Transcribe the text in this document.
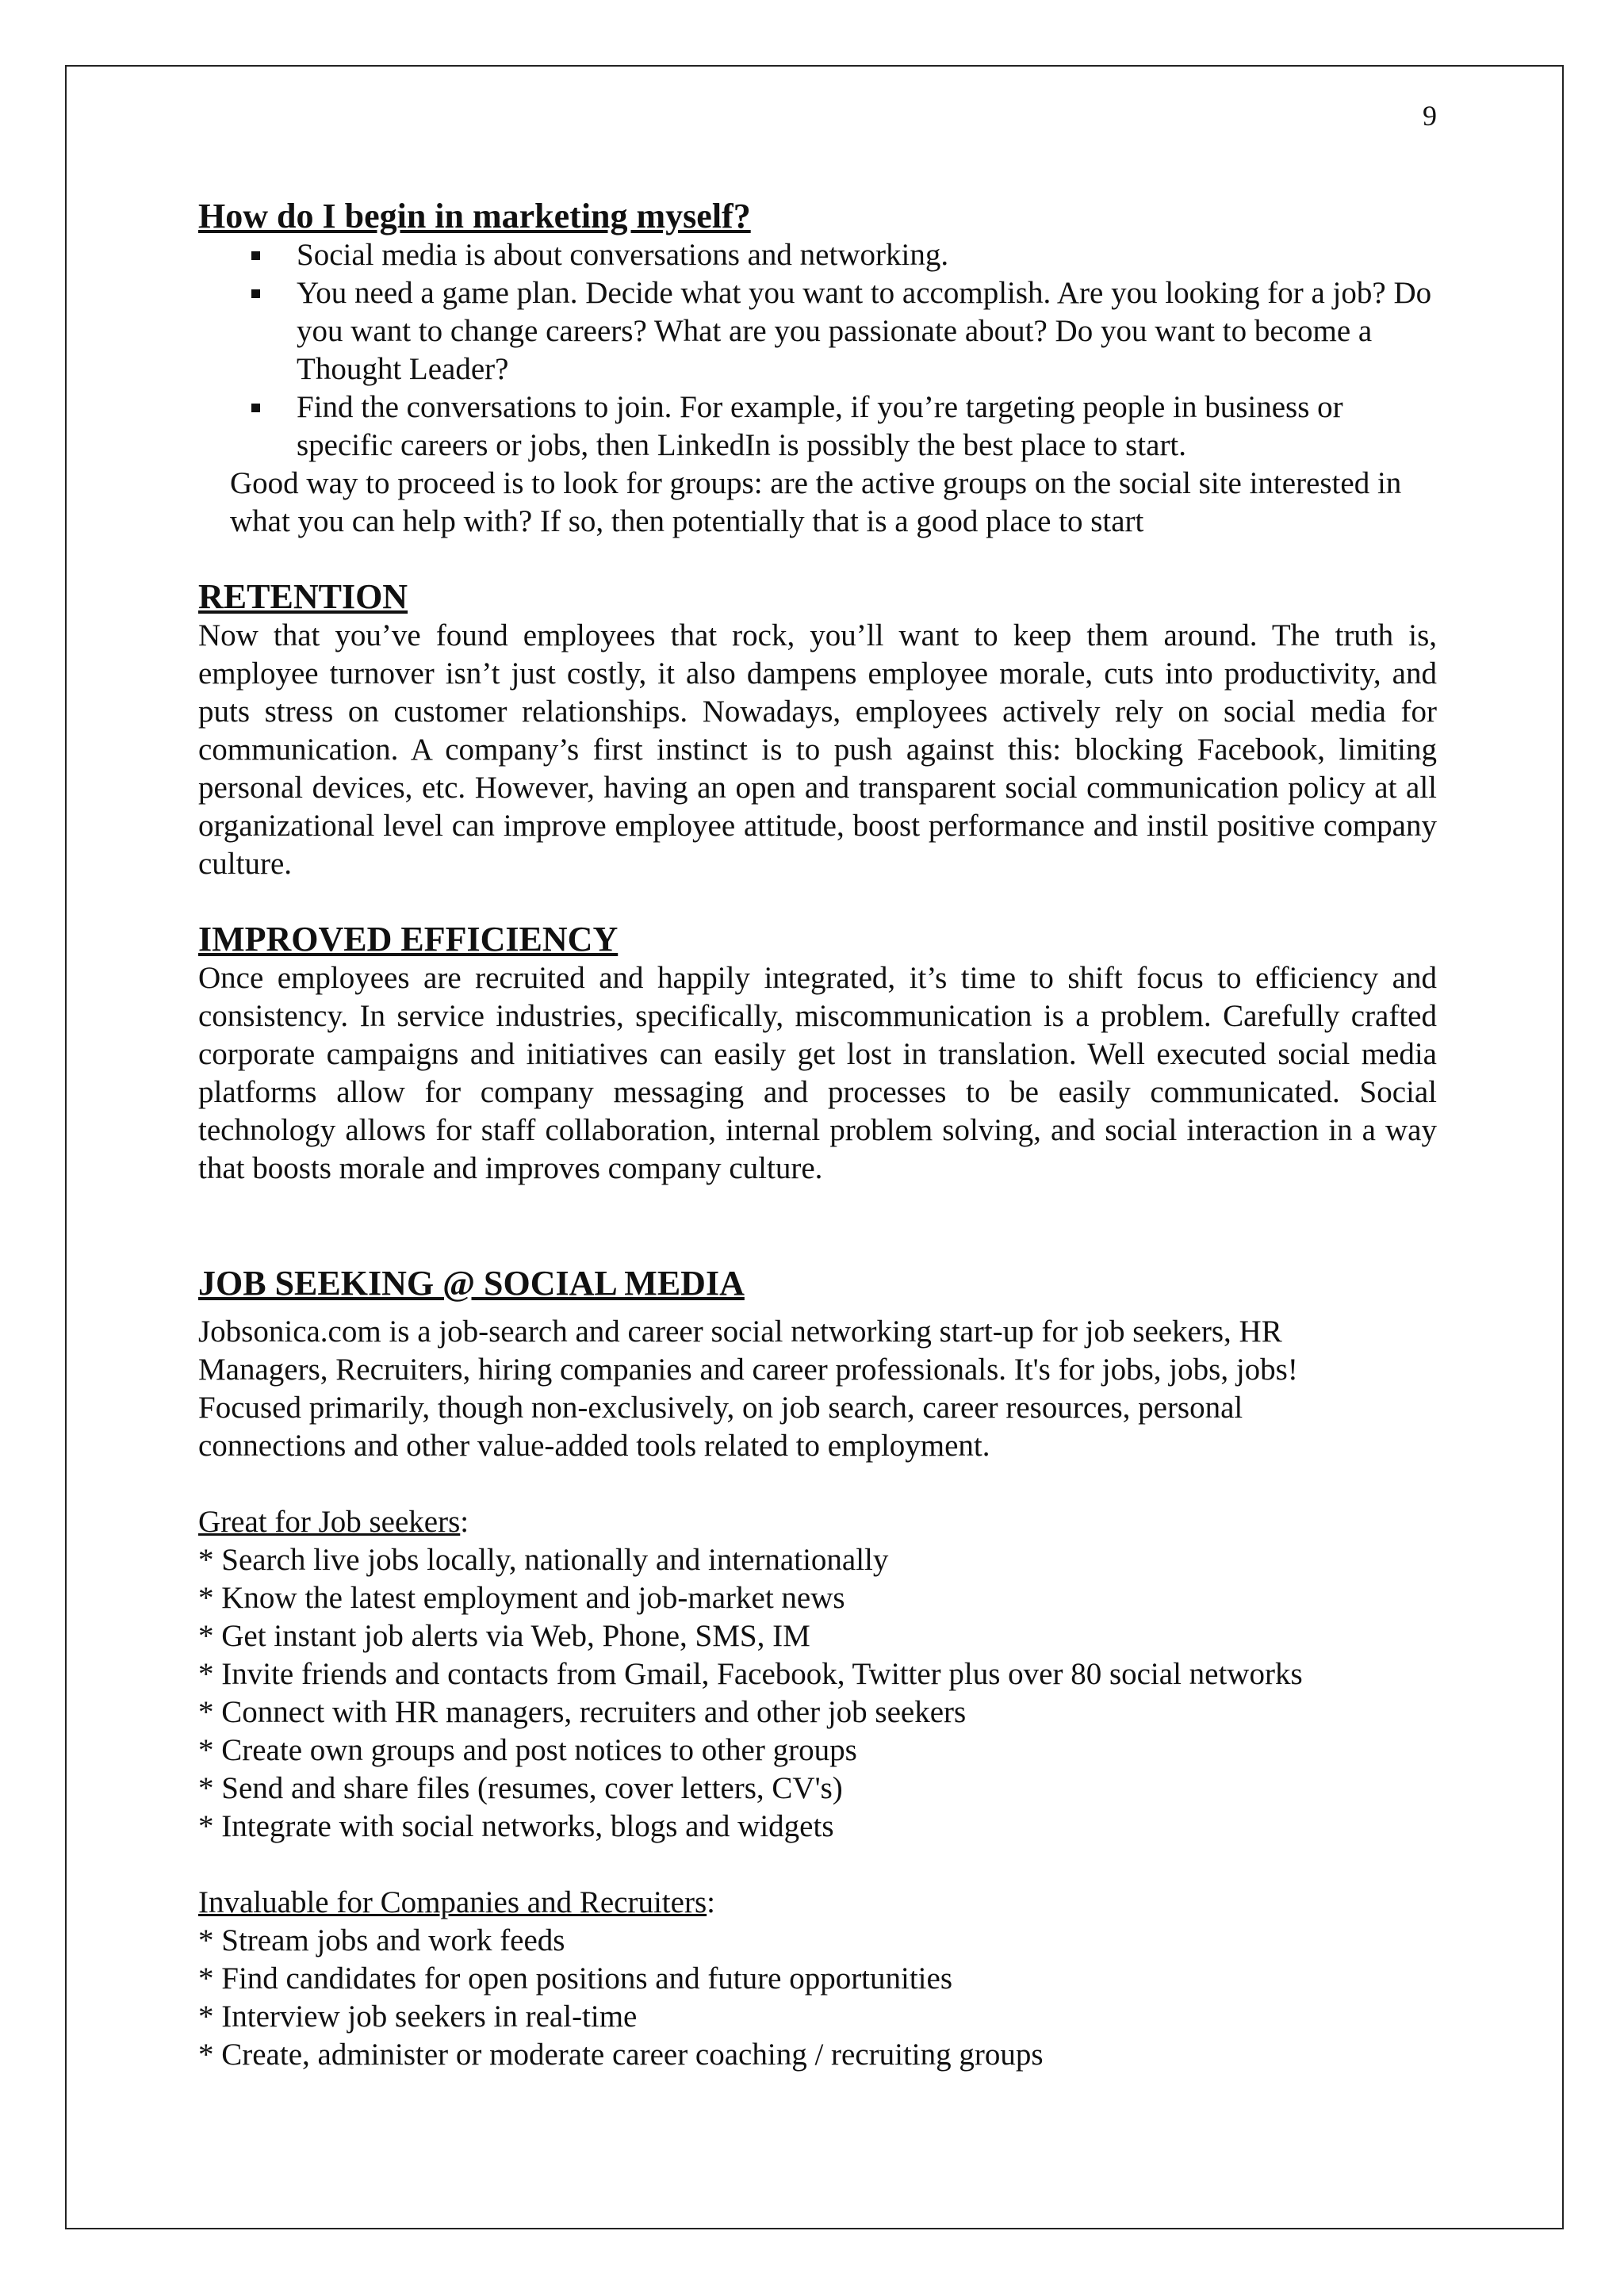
9
How do I begin in marketing myself?
Social media is about conversations and networking.
You need a game plan. Decide what you want to accomplish. Are you looking for a job? Do you want to change careers? What are you passionate about? Do you want to become a Thought Leader?
Find the conversations to join. For example, if you’re targeting people in business or specific careers or jobs, then LinkedIn is possibly the best place to start.

Good way to proceed is to look for groups: are the active groups on the social site interested in what you can help with? If so, then potentially that is a good place to start

RETENTION

Now that you’ve found employees that rock, you’ll want to keep them around. The truth is, employee turnover isn’t just costly, it also dampens employee morale, cuts into productivity, and puts stress on customer relationships. Nowadays, employees actively rely on social media for communication. A company’s first instinct is to push against this: blocking Facebook, limiting personal devices, etc. However, having an open and transparent social communication policy at all organizational level can improve employee attitude, boost performance and instil positive company culture.

IMPROVED EFFICIENCY

Once employees are recruited and happily integrated, it’s time to shift focus to efficiency and consistency. In service industries, specifically, miscommunication is a problem. Carefully crafted corporate campaigns and initiatives can easily get lost in translation. Well executed social media platforms allow for company messaging and processes to be easily communicated. Social technology allows for staff collaboration, internal problem solving, and social interaction in a way that boosts morale and improves company culture.

JOB SEEKING @ SOCIAL MEDIA
Jobsonica.com is a job-search and career social networking start-up for job seekers, HR
Managers, Recruiters, hiring companies and career professionals. It's for jobs, jobs, jobs!
Focused primarily, though non-exclusively, on job search, career resources, personal
connections and other value-added tools related to employment.
Great for Job seekers:
* Search live jobs locally, nationally and internationally
* Know the latest employment and job-market news
* Get instant job alerts via Web, Phone, SMS, IM
* Invite friends and contacts from Gmail, Facebook, Twitter plus over 80 social networks
* Connect with HR managers, recruiters and other job seekers
* Create own groups and post notices to other groups
* Send and share files (resumes, cover letters, CV's)
* Integrate with social networks, blogs and widgets
Invaluable for Companies and Recruiters:
* Stream jobs and work feeds
* Find candidates for open positions and future opportunities
* Interview job seekers in real-time
* Create, administer or moderate career coaching / recruiting groups
